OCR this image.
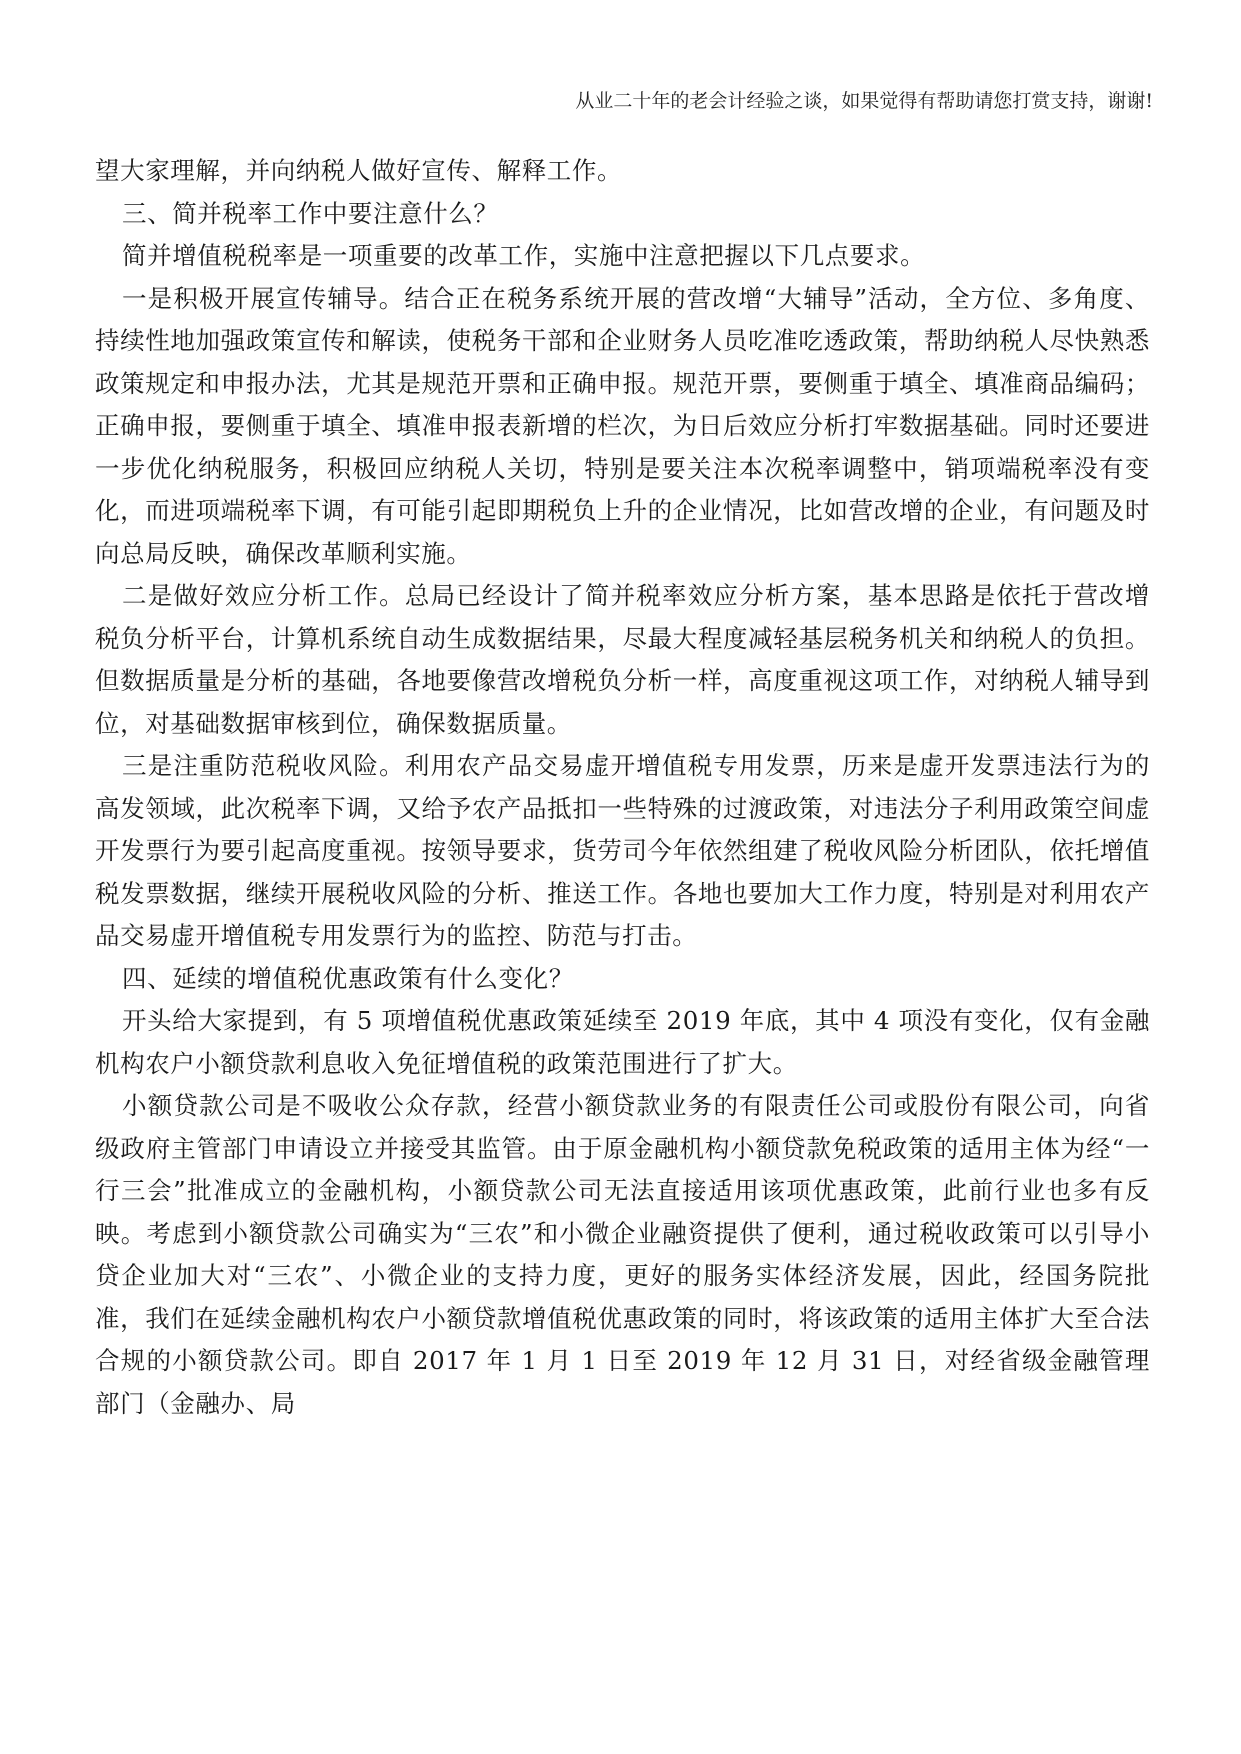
从业二十年的老会计经验之谈，如果觉得有帮助请您打赏支持，谢谢!

望大家理解，并向纳税人做好宣传、解释工作。

三、简并税率工作中要注意什么？

简并增值税税率是一项重要的改革工作，实施中注意把握以下几点要求。

一是积极开展宣传辅导。结合正在税务系统开展的营改增“大辅导”活动，全方位、多角度、持续性地加强政策宣传和解读，使税务干部和企业财务人员吃准吃透政策，帮助纳税人尽快熟悉政策规定和申报办法，尤其是规范开票和正确申报。规范开票，要侧重于填全、填准商品编码；正确申报，要侧重于填全、填准申报表新增的栏次，为日后效应分析打牢数据基础。同时还要进一步优化纳税服务，积极回应纳税人关切，特别是要关注本次税率调整中，销项端税率没有变化，而进项端税率下调，有可能引起即期税负上升的企业情况，比如营改增的企业，有问题及时向总局反映，确保改革顺利实施。

二是做好效应分析工作。总局已经设计了简并税率效应分析方案，基本思路是依托于营改增税负分析平台，计算机系统自动生成数据结果，尽最大程度减轻基层税务机关和纳税人的负担。但数据质量是分析的基础，各地要像营改增税负分析一样，高度重视这项工作，对纳税人辅导到位，对基础数据审核到位，确保数据质量。

三是注重防范税收风险。利用农产品交易虚开增值税专用发票，历来是虚开发票违法行为的高发领域，此次税率下调，又给予农产品抵扣一些特殊的过渡政策，对违法分子利用政策空间虚开发票行为要引起高度重视。按领导要求，货劳司今年依然组建了税收风险分析团队，依托增值税发票数据，继续开展税收风险的分析、推送工作。各地也要加大工作力度，特别是对利用农产品交易虚开增值税专用发票行为的监控、防范与打击。

四、延续的增值税优惠政策有什么变化？

开头给大家提到，有 5 项增值税优惠政策延续至 2019 年底，其中 4 项没有变化，仅有金融机构农户小额贷款利息收入免征增值税的政策范围进行了扩大。

小额贷款公司是不吸收公众存款，经营小额贷款业务的有限责任公司或股份有限公司，向省级政府主管部门申请设立并接受其监管。由于原金融机构小额贷款免税政策的适用主体为经“一行三会”批准成立的金融机构，小额贷款公司无法直接适用该项优惠政策，此前行业也多有反映。考虑到小额贷款公司确实为“三农”和小微企业融资提供了便利，通过税收政策可以引导小贷企业加大对“三农”、小微企业的支持力度，更好的服务实体经济发展，因此，经国务院批准，我们在延续金融机构农户小额贷款增值税优惠政策的同时，将该政策的适用主体扩大至合法合规的小额贷款公司。即自 2017 年 1 月 1 日至 2019 年 12 月 31 日，对经省级金融管理部门（金融办、局
